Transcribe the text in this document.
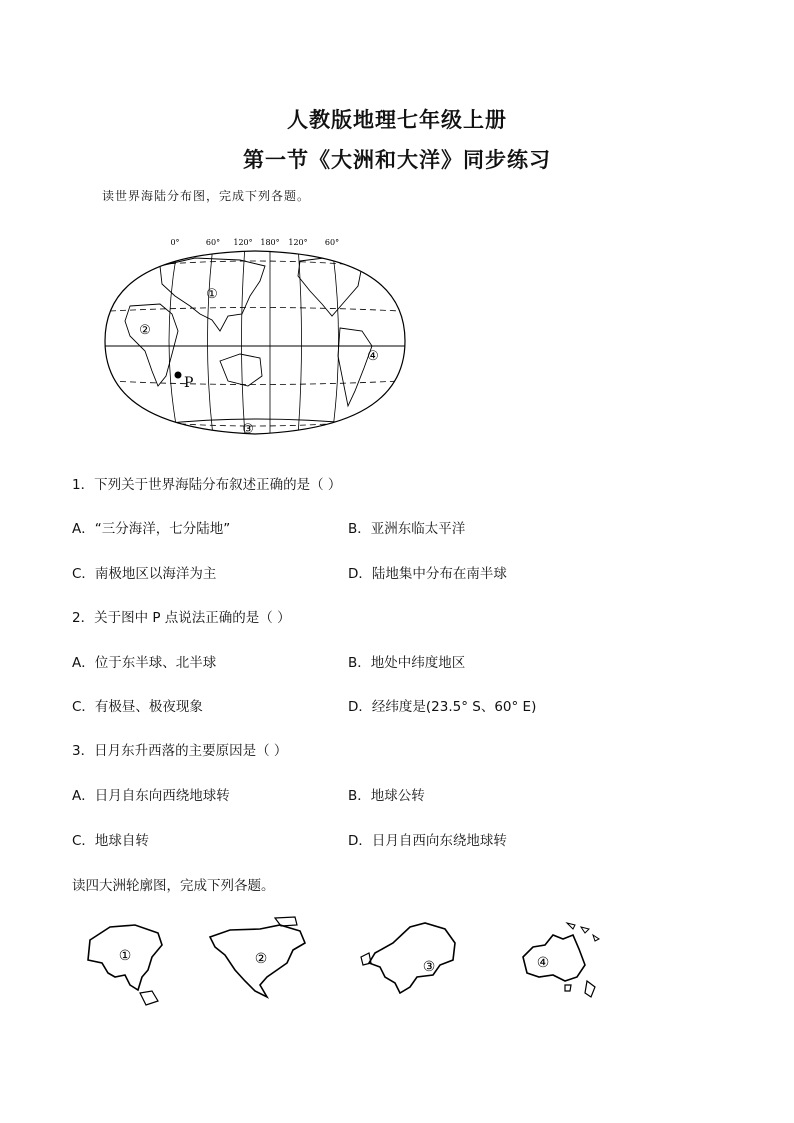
人教版地理七年级上册
第一节《大洲和大洋》同步练习
读世界海陆分布图，完成下列各题。
0°	60° 120° 180° 120° 60°
①
②
③
④
P
1．下列关于世界海陆分布叙述正确的是（ ）
A．“三分海洋，七分陆地”	B．亚洲东临太平洋
C．南极地区以海洋为主	D．陆地集中分布在南半球
2．关于图中 P 点说法正确的是（ ）
A．位于东半球、北半球	B．地处中纬度地区
C．有极昼、极夜现象	D．经纬度是(23.5° S、60° E)
3．日月东升西落的主要原因是（ ）
A．日月自东向西绕地球转	B．地球公转
C．地球自转	D．日月自西向东绕地球转
读四大洲轮廓图，完成下列各题。
①	②	③	④
